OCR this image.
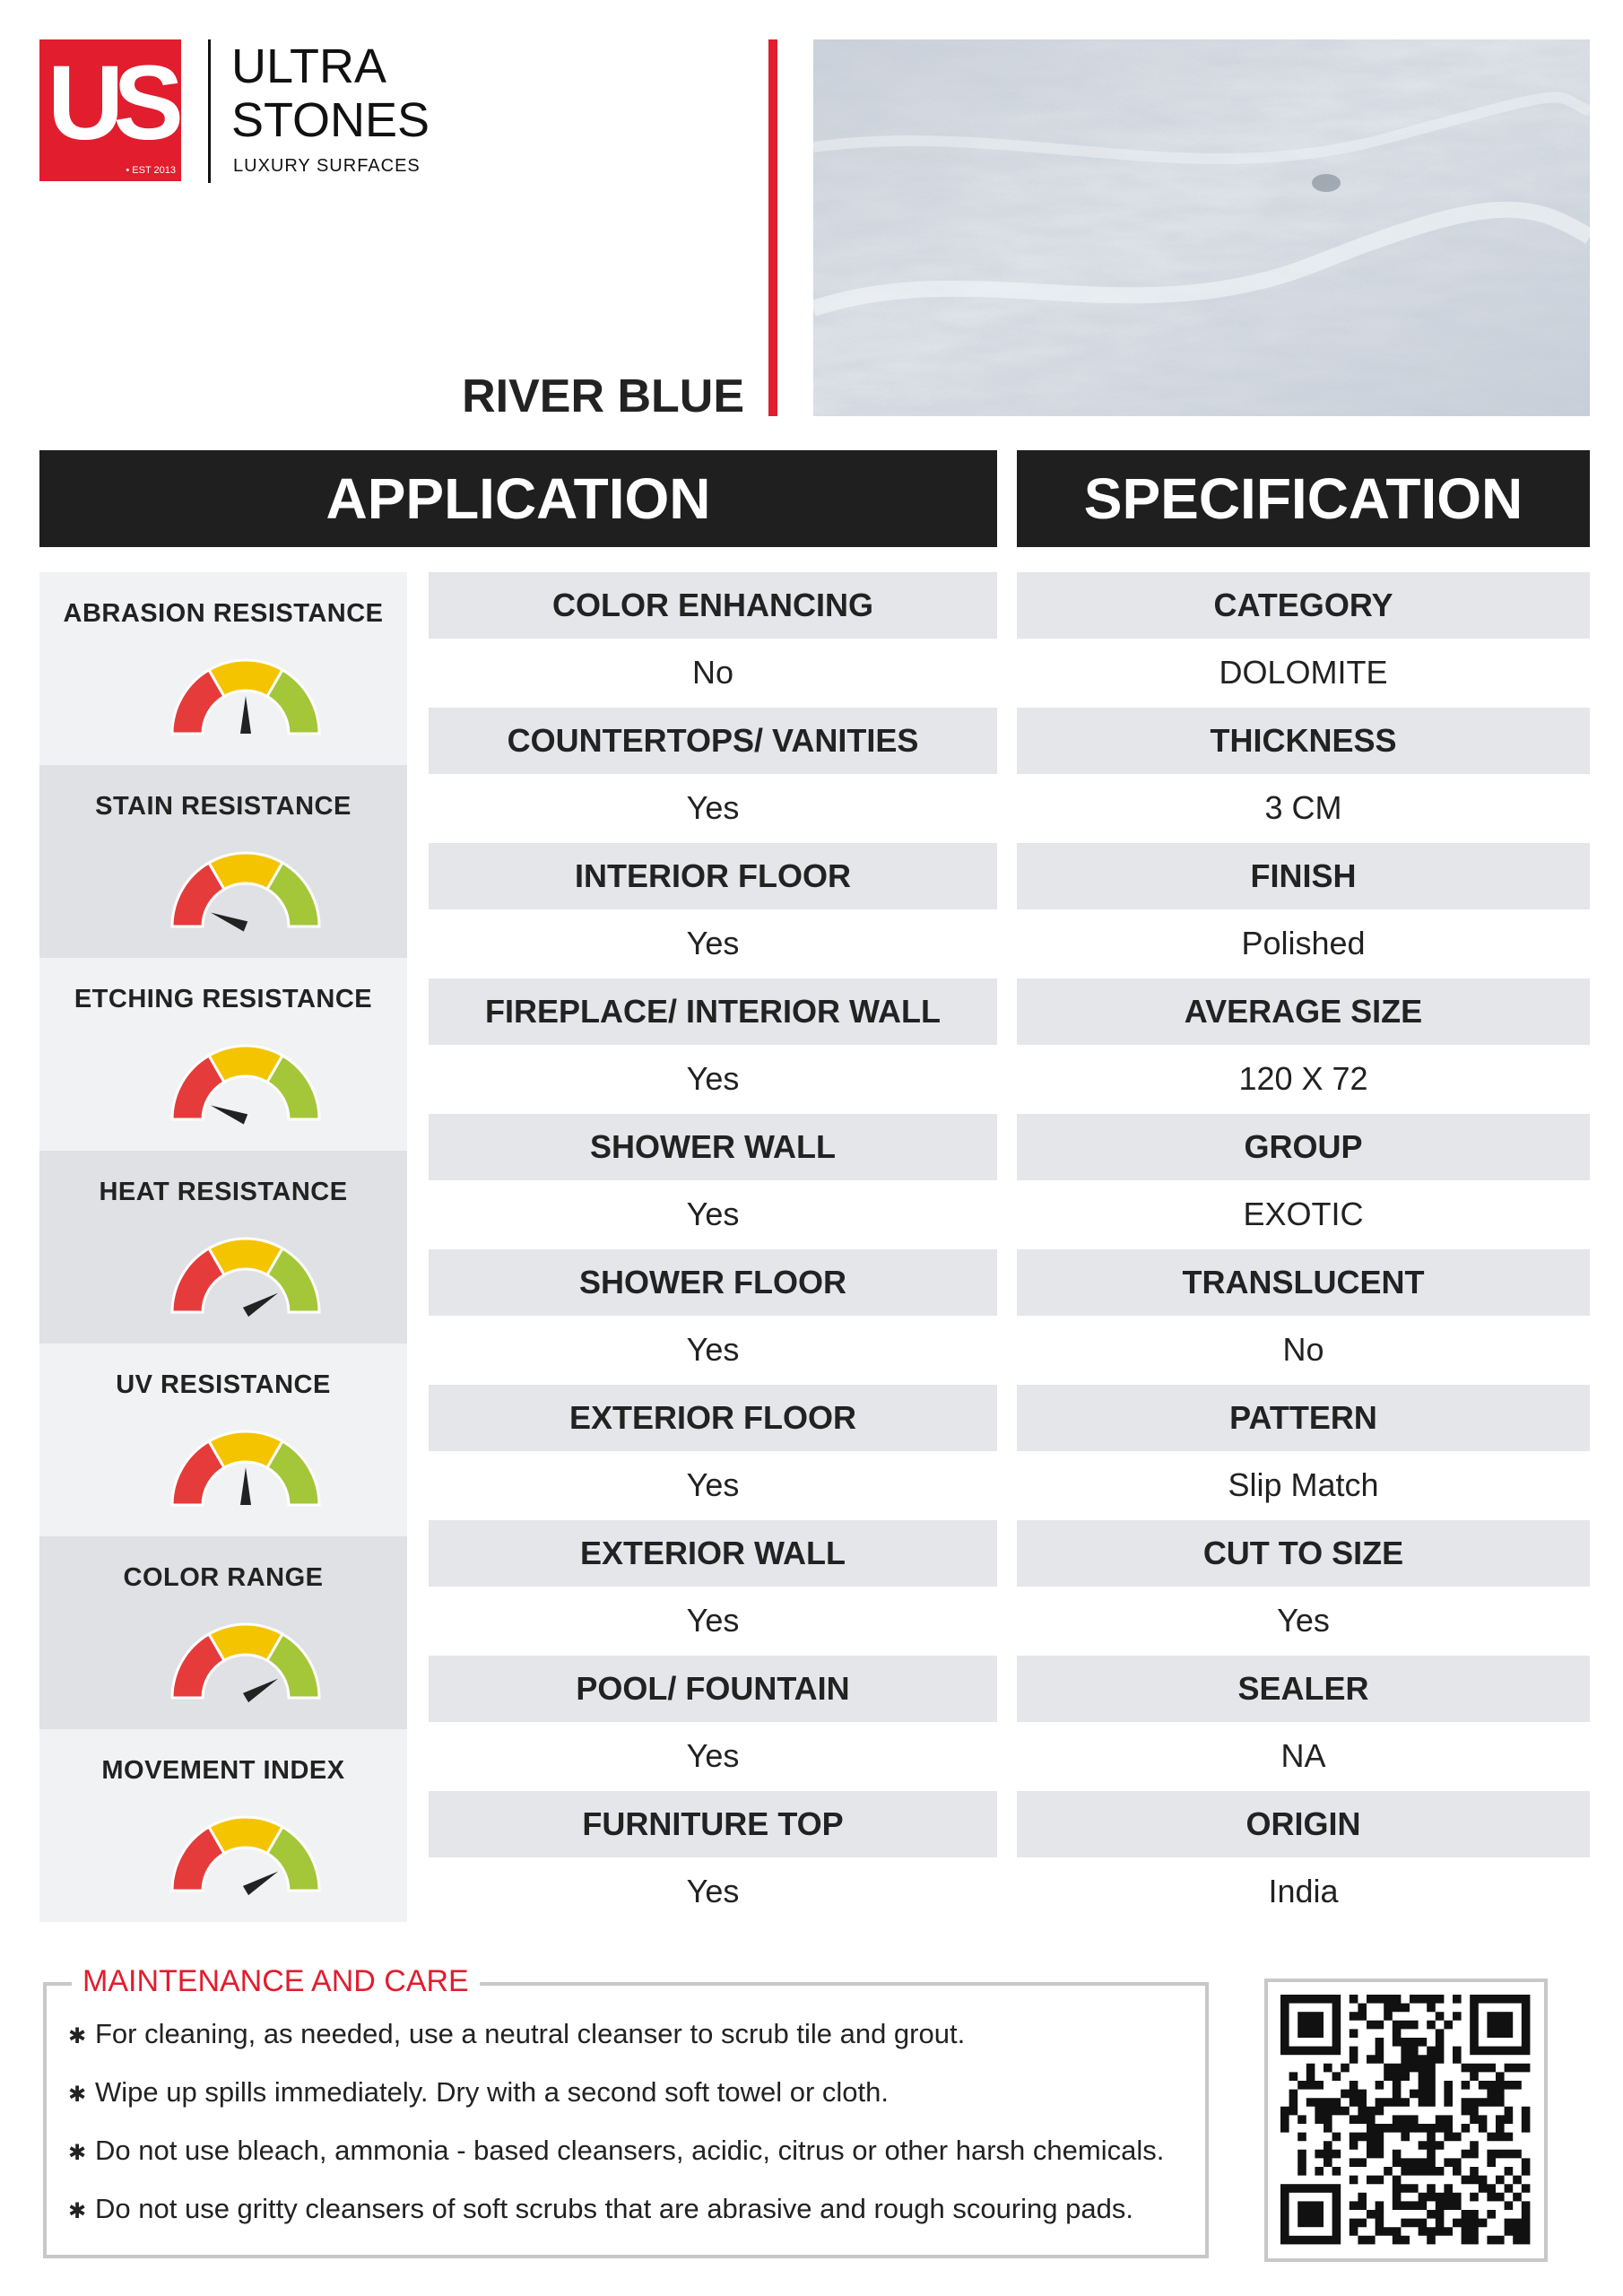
US
• EST 2013
ULTRA
STONES
LUXURY SURFACES
RIVER BLUE
APPLICATION	SPECIFICATION
ABRASION RESISTANCE
STAIN RESISTANCE
ETCHING RESISTANCE
HEAT RESISTANCE
UV RESISTANCE
COLOR RANGE
MOVEMENT INDEX
COLOR ENHANCING
No
COUNTERTOPS/ VANITIES
Yes
INTERIOR FLOOR
Yes
FIREPLACE/ INTERIOR WALL
Yes
SHOWER WALL
Yes
SHOWER FLOOR
Yes
EXTERIOR FLOOR
Yes
EXTERIOR WALL
Yes
POOL/ FOUNTAIN
Yes
FURNITURE TOP
Yes
CATEGORY
DOLOMITE
THICKNESS
3 CM
FINISH
Polished
AVERAGE SIZE
120 X 72
GROUP
EXOTIC
TRANSLUCENT
No
PATTERN
Slip Match
CUT TO SIZE
Yes
SEALER
NA
ORIGIN
India
MAINTENANCE AND CARE
✱ For cleaning, as needed, use a neutral cleanser to scrub tile and grout.
✱ Wipe up spills immediately. Dry with a second soft towel or cloth.
✱ Do not use bleach, ammonia - based cleansers, acidic, citrus or other harsh chemicals.
✱ Do not use gritty cleansers of soft scrubs that are abrasive and rough scouring pads.
